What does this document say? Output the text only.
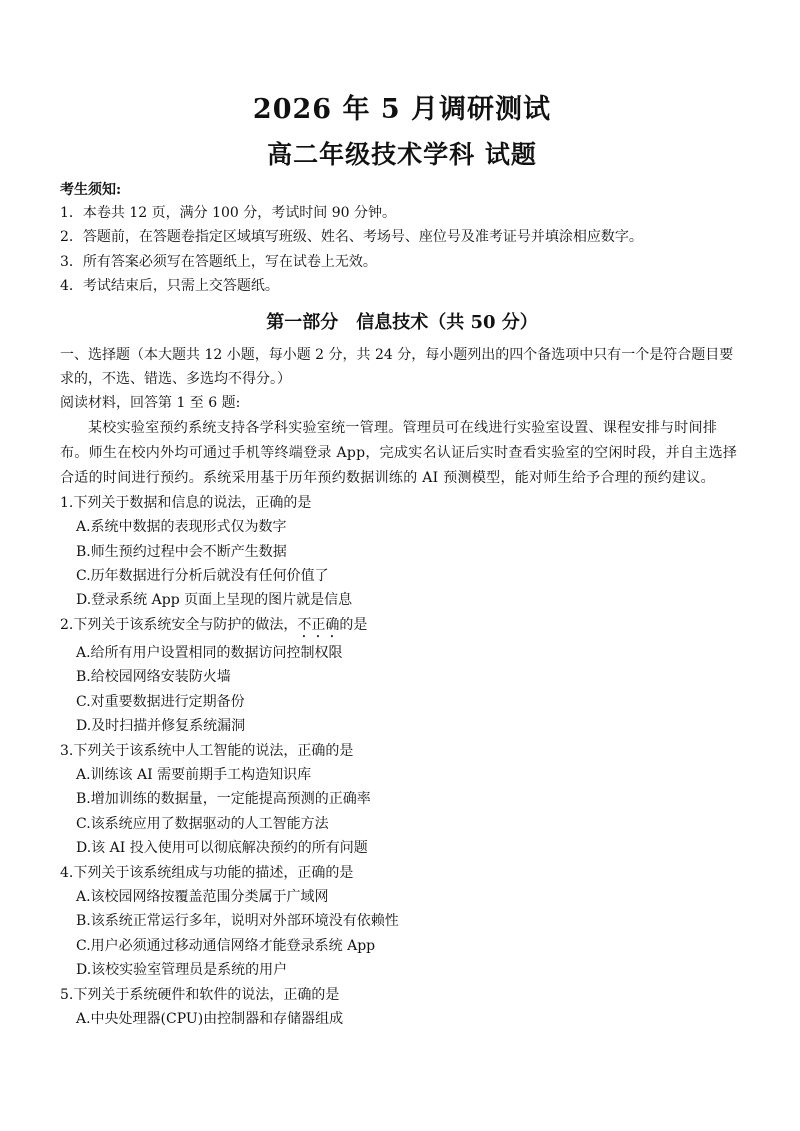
2026 年 5 月调研测试
高二年级技术学科 试题
考生须知:
1．本卷共 12 页，满分 100 分，考试时间 90 分钟。
2．答题前，在答题卷指定区域填写班级、姓名、考场号、座位号及准考证号并填涂相应数字。
3．所有答案必须写在答题纸上，写在试卷上无效。
4．考试结束后，只需上交答题纸。
第一部分　信息技术（共 50 分）
一、选择题（本大题共 12 小题，每小题 2 分，共 24 分，每小题列出的四个备选项中只有一个是符合题目要求的，不选、错选、多选均不得分。）
阅读材料，回答第 1 至 6 题:
某校实验室预约系统支持各学科实验室统一管理。管理员可在线进行实验室设置、课程安排与时间排布。师生在校内外均可通过手机等终端登录 App，完成实名认证后实时查看实验室的空闲时段，并自主选择合适的时间进行预约。系统采用基于历年预约数据训练的 AI 预测模型，能对师生给予合理的预约建议。
1.下列关于数据和信息的说法，正确的是
A.系统中数据的表现形式仅为数字
B.师生预约过程中会不断产生数据
C.历年数据进行分析后就没有任何价值了
D.登录系统 App 页面上呈现的图片就是信息
2.下列关于该系统安全与防护的做法，不正确的是
A.给所有用户设置相同的数据访问控制权限
B.给校园网络安装防火墙
C.对重要数据进行定期备份
D.及时扫描并修复系统漏洞
3.下列关于该系统中人工智能的说法，正确的是
A.训练该 AI 需要前期手工构造知识库
B.增加训练的数据量，一定能提高预测的正确率
C.该系统应用了数据驱动的人工智能方法
D.该 AI 投入使用可以彻底解决预约的所有问题
4.下列关于该系统组成与功能的描述，正确的是
A.该校园网络按覆盖范围分类属于广域网
B.该系统正常运行多年，说明对外部环境没有依赖性
C.用户必须通过移动通信网络才能登录系统 App
D.该校实验室管理员是系统的用户
5.下列关于系统硬件和软件的说法，正确的是
A.中央处理器(CPU)由控制器和存储器组成
